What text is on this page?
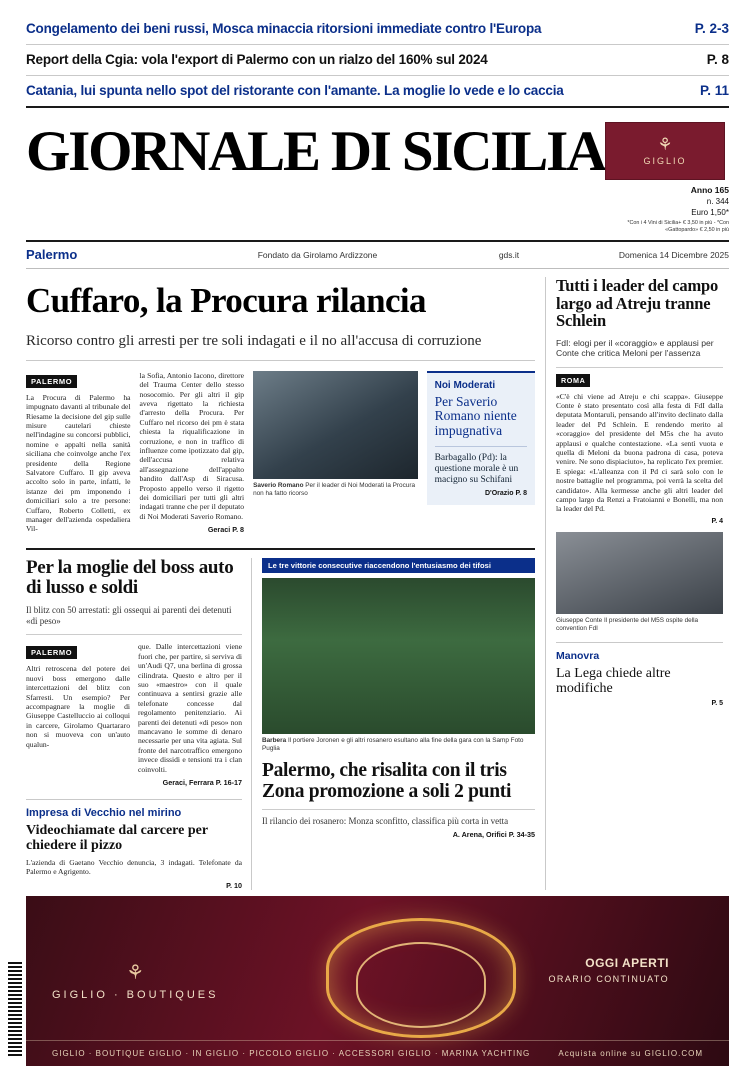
Congelamento dei beni russi, Mosca minaccia ritorsioni immediate contro l'Europa	P. 2-3
Report della Cgia: vola l'export di Palermo con un rialzo del 160% sul 2024	P. 8
Catania, lui spunta nello spot del ristorante con l'amante. La moglie lo vede e lo caccia	P. 11
GIORNALE DI SICILIA	⚘
GIGLIO
Anno 165
n. 344
Euro 1,50*
*Con i 4 Vini di Sicilia+ € 3,50 in più - *Con «Gattopardo» € 2,50 in più
Palermo	Fondato da Girolamo Ardizzone	gds.it	Domenica 14 Dicembre 2025
Cuffaro, la Procura rilancia
Ricorso contro gli arresti per tre soli indagati e il no all'accusa di corruzione
PALERMO
La Procura di Palermo ha impugnato davanti al tribunale del Riesame la decisione del gip sulle misure cautelari chieste nell'indagine su concorsi pubblici, nomine e appalti nella sanità siciliana che coinvolge anche l'ex presidente della Regione Salvatore Cuffaro. Il gip aveva accolto solo in parte, infatti, le istanze dei pm imponendo i domiciliari solo a tre persone: Cuffaro, Roberto Colletti, ex manager dell'azienda ospedaliera Vil-
la Sofia, Antonio Iacono, direttore del Trauma Center dello stesso nosocomio. Per gli altri il gip aveva rigettato la richiesta d'arresto della Procura. Per Cuffaro nel ricorso dei pm è stata chiesta la riqualificazione in corruzione, e non in traffico di influenze come ipotizzato dal gip, dell'accusa relativa all'assegnazione dell'appalto bandito dall'Asp di Siracusa. Proposto appello verso il rigetto dei domiciliari per tutti gli altri indagati tranne che per il deputato di Noi Moderati Saverio Romano.
Geraci P. 8
Saverio Romano Per il leader di Noi Moderati la Procura non ha fatto ricorso
Noi Moderati
Per Saverio Romano niente impugnativa
Barbagallo (Pd): la questione morale è un macigno su Schifani
D'Orazio P. 8
Per la moglie del boss auto di lusso e soldi
Il blitz con 50 arrestati: gli ossequi ai parenti dei detenuti «di peso»
PALERMO
Altri retroscena del potere dei nuovi boss emergono dalle intercettazioni del blitz con Sfarresti. Un esempio? Per accompagnare la moglie di Giuseppe Castelluccio ai colloqui in carcere, Girolamo Quartararo non si muoveva con un'auto qualun-
que. Dalle intercettazioni viene fuori che, per partire, si serviva di un'Audi Q7, una berlina di grossa cilindrata. Questo e altro per il suo «maestro» con il quale continuava a sentirsi grazie alle telefonate concesse dal regolamento penitenziario. Ai parenti dei detenuti «di peso» non mancavano le somme di denaro necessarie per una vita agiata. Sul fronte del narcotraffico emergono invece dissidi e tensioni tra i clan coinvolti.
Geraci, Ferrara P. 16-17
Impresa di Vecchio nel mirino
Videochiamate dal carcere per chiedere il pizzo
L'azienda di Gaetano Vecchio denuncia, 3 indagati. Telefonate da Palermo e Agrigento.
P. 10
Le tre vittorie consecutive riaccendono l'entusiasmo dei tifosi
Barbera Il portiere Joronen e gli altri rosanero esultano alla fine della gara con la Samp Foto Puglia
Palermo, che risalita con il tris
Zona promozione a soli 2 punti
Il rilancio dei rosanero: Monza sconfitto, classifica più corta in vetta
A. Arena, Orifici P. 34-35
Tutti i leader del campo largo ad Atreju tranne Schlein
FdI: elogi per il «coraggio» e applausi per Conte che critica Meloni per l'assenza
ROMA
«C'è chi viene ad Atreju e chi scappa». Giuseppe Conte è stato presentato così alla festa di FdI dalla deputata Montaruli, pensando all'invito declinato dalla leader del Pd Schlein. E rendendo merito al «coraggio» del presidente del M5s che ha avuto applausi e qualche contestazione. «La sentì vuota e quella di Meloni da buona padrona di casa, poteva venire. Ne sono dispiaciuto», ha replicato l'ex premier. E spiega: «L'alleanza con il Pd ci sarà solo con le nostre battaglie nel programma, poi verrà la scelta del candidato». Alla kermesse anche gli altri leader del campo largo da Renzi a Fratoianni e Bonelli, ma non la leader del Pd.
P. 4
Giuseppe Conte Il presidente del M5S ospite della convention FdI
Manovra
La Lega chiede altre modifiche
P. 5
⚘
GIGLIO · BOUTIQUES
OGGI APERTI
ORARIO CONTINUATO
GIGLIO · BOUTIQUE GIGLIO · IN GIGLIO · PICCOLO GIGLIO · ACCESSORI GIGLIO · MARINA YACHTING	Acquista online su GIGLIO.COM
